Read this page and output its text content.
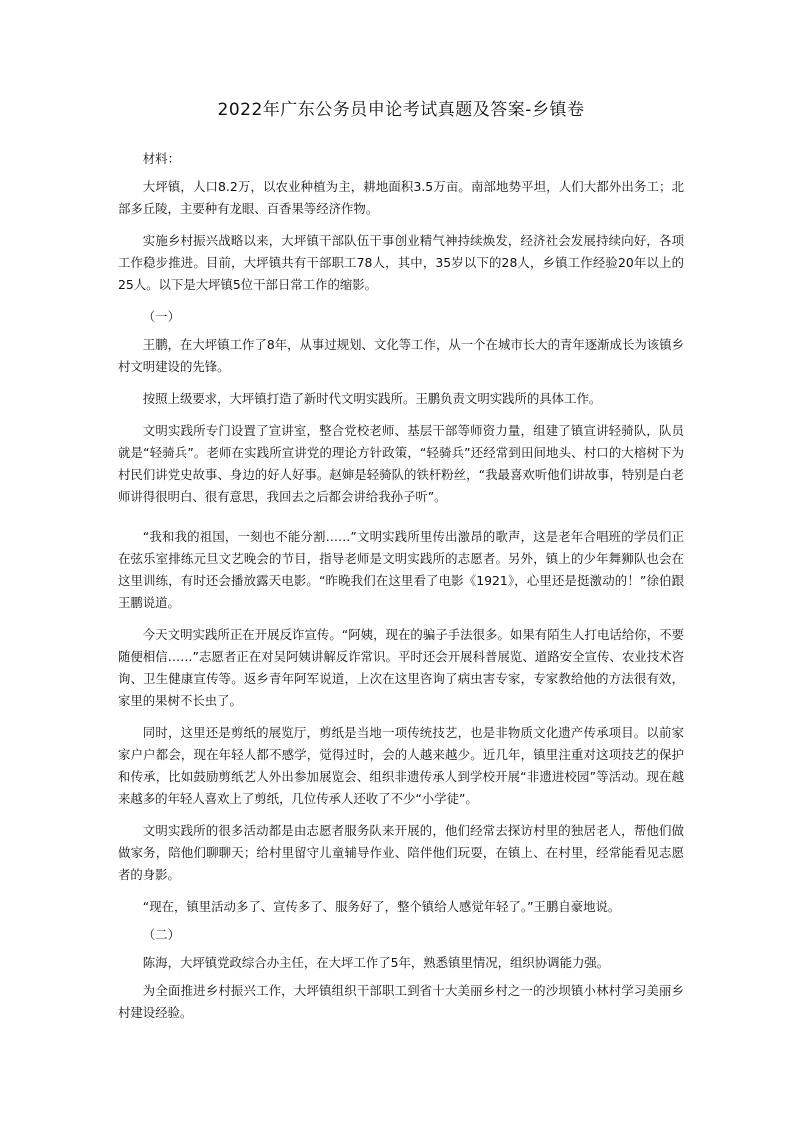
2022年广东公务员申论考试真题及答案-乡镇卷

材料：

大坪镇，人口8.2万，以农业种植为主，耕地面积3.5万亩。南部地势平坦，人们大都外出务工；北部多丘陵，主要种有龙眼、百香果等经济作物。

实施乡村振兴战略以来，大坪镇干部队伍干事创业精气神持续焕发，经济社会发展持续向好，各项工作稳步推进。目前，大坪镇共有干部职工78人，其中，35岁以下的28人，乡镇工作经验20年以上的25人。以下是大坪镇5位干部日常工作的缩影。

（一）

王鹏，在大坪镇工作了8年，从事过规划、文化等工作，从一个在城市长大的青年逐渐成长为该镇乡村文明建设的先锋。

按照上级要求，大坪镇打造了新时代文明实践所。王鹏负责文明实践所的具体工作。

文明实践所专门设置了宣讲室，整合党校老师、基层干部等师资力量，组建了镇宣讲轻骑队，队员就是“轻骑兵”。老师在实践所宣讲党的理论方针政策，“轻骑兵”还经常到田间地头、村口的大榕树下为村民们讲党史故事、身边的好人好事。赵婶是轻骑队的铁杆粉丝，“我最喜欢听他们讲故事，特别是白老师讲得很明白、很有意思，我回去之后都会讲给我孙子听”。

“我和我的祖国，一刻也不能分割……”文明实践所里传出激昂的歌声，这是老年合唱班的学员们正在弦乐室排练元旦文艺晚会的节目，指导老师是文明实践所的志愿者。另外，镇上的少年舞狮队也会在这里训练，有时还会播放露天电影。“昨晚我们在这里看了电影《1921》，心里还是挺激动的！”徐伯跟王鹏说道。

今天文明实践所正在开展反诈宣传。“阿姨，现在的骗子手法很多。如果有陌生人打电话给你，不要随便相信……”志愿者正在对吴阿姨讲解反诈常识。平时还会开展科普展览、道路安全宣传、农业技术咨询、卫生健康宣传等。返乡青年阿军说道，上次在这里咨询了病虫害专家，专家教给他的方法很有效，家里的果树不长虫了。

同时，这里还是剪纸的展览厅，剪纸是当地一项传统技艺，也是非物质文化遗产传承项目。以前家家户户都会，现在年轻人都不感学，觉得过时，会的人越来越少。近几年，镇里注重对这项技艺的保护和传承，比如鼓励剪纸艺人外出参加展览会、组织非遗传承人到学校开展“非遗进校园”等活动。现在越来越多的年轻人喜欢上了剪纸，几位传承人还收了不少“小学徒”。

文明实践所的很多活动都是由志愿者服务队来开展的，他们经常去探访村里的独居老人，帮他们做做家务，陪他们聊聊天；给村里留守儿童辅导作业、陪伴他们玩耍，在镇上、在村里，经常能看见志愿者的身影。

“现在，镇里活动多了、宣传多了、服务好了，整个镇给人感觉年轻了。”王鹏自豪地说。

（二）

陈海，大坪镇党政综合办主任，在大坪工作了5年，熟悉镇里情况，组织协调能力强。

为全面推进乡村振兴工作，大坪镇组织干部职工到省十大美丽乡村之一的沙坝镇小林村学习美丽乡村建设经验。
